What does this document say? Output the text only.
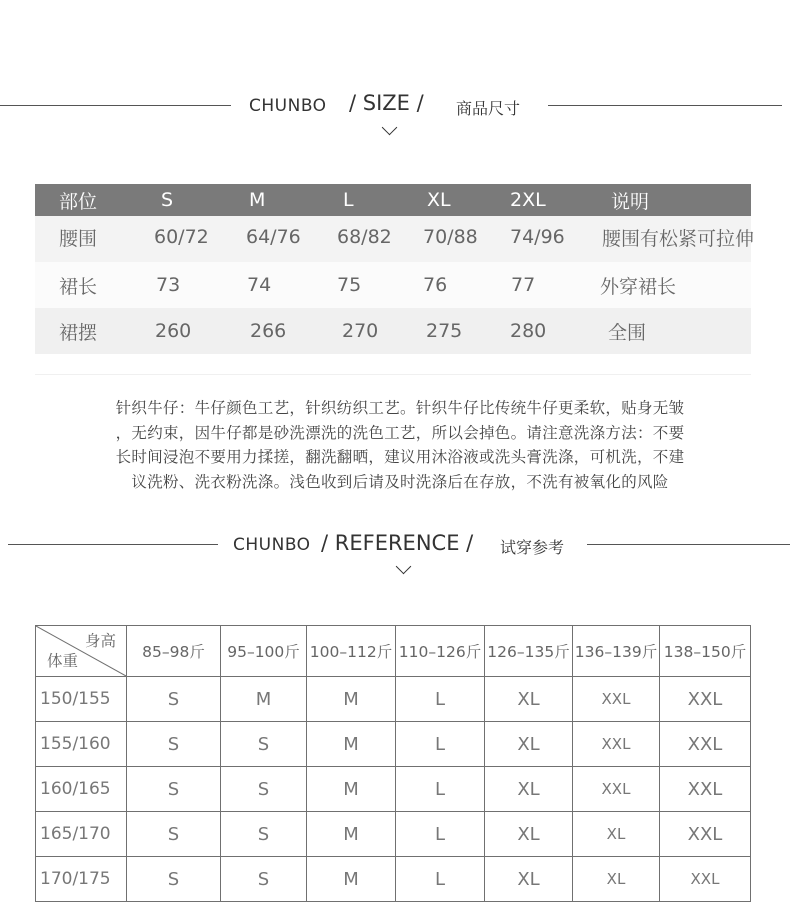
CHUNBO / SIZE / 商品尺寸
部位	S	M	L	XL	2XL	说明
腰围	60/72 64/76 68/82 70/88 74/96 腰围有松紧可拉伸
裙长	73	74	75	76	77	外穿裙长
裙摆	260	266	270	275	280	全围
针织牛仔：牛仔颜色工艺，针织纺织工艺。针织牛仔比传统牛仔更柔软，贴身无皱
，无约束，因牛仔都是砂洗漂洗的洗色工艺，所以会掉色。请注意洗涤方法：不要
长时间浸泡不要用力揉搓，翻洗翻晒，建议用沐浴液或洗头膏洗涤，可机洗，不建
议洗粉、洗衣粉洗涤。浅色收到后请及时洗涤后在存放，不洗有被氧化的风险
CHUNBO / REFERENCE / 试穿参考
身高
体重	85–98斤	95–100斤	100–112斤	110–126斤	126–135斤	136–139斤	138–150斤
150/155	S	M	M	L	XL	XXL	XXL
155/160	S	S	M	L	XL	XXL	XXL
160/165	S	S	M	L	XL	XXL	XXL
165/170	S	S	M	L	XL	XL	XXL
170/175	S	S	M	L	XL	XL	XXL
